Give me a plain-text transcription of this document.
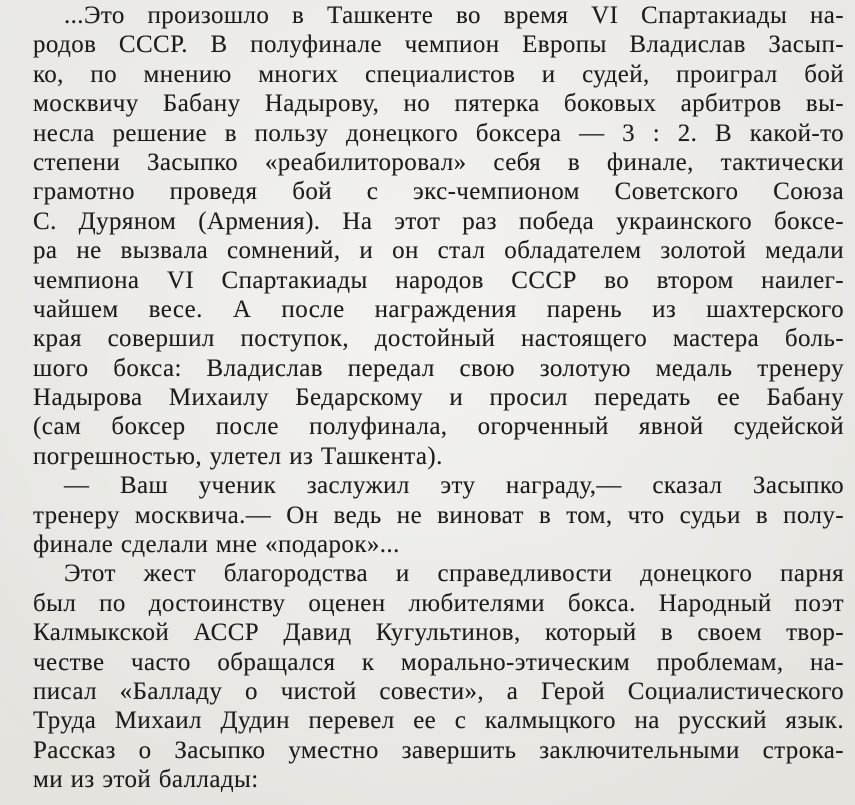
...Это произошло в Ташкенте во время VI Спартакиады на-
родов СССР. В полуфинале чемпион Европы Владислав Засып-
ко, по мнению многих специалистов и судей, проиграл бой
москвичу Бабану Надырову, но пятерка боковых арбитров вы-
несла решение в пользу донецкого боксера — 3 : 2. В какой-то
степени Засыпко «реабилиторовал» себя в финале, тактически
грамотно проведя бой с экс-чемпионом Советского Союза
С. Дуряном (Армения). На этот раз победа украинского боксе-
ра не вызвала сомнений, и он стал обладателем золотой медали
чемпиона VI Спартакиады народов СССР во втором наилег-
чайшем весе. А после награждения парень из шахтерского
края совершил поступок, достойный настоящего мастера боль-
шого бокса: Владислав передал свою золотую медаль тренеру
Надырова Михаилу Бедарскому и просил передать ее Бабану
(сам боксер после полуфинала, огорченный явной судейской
погрешностью, улетел из Ташкента).
— Ваш ученик заслужил эту награду,— сказал Засыпко
тренеру москвича.— Он ведь не виноват в том, что судьи в полу-
финале сделали мне «подарок»...
Этот жест благородства и справедливости донецкого парня
был по достоинству оценен любителями бокса. Народный поэт
Калмыкской АССР Давид Кугультинов, который в своем твор-
честве часто обращался к морально-этическим проблемам, на-
писал «Балладу о чистой совести», а Герой Социалистического
Труда Михаил Дудин перевел ее с калмыцкого на русский язык.
Рассказ о Засыпко уместно завершить заключительными строка-
ми из этой баллады:
